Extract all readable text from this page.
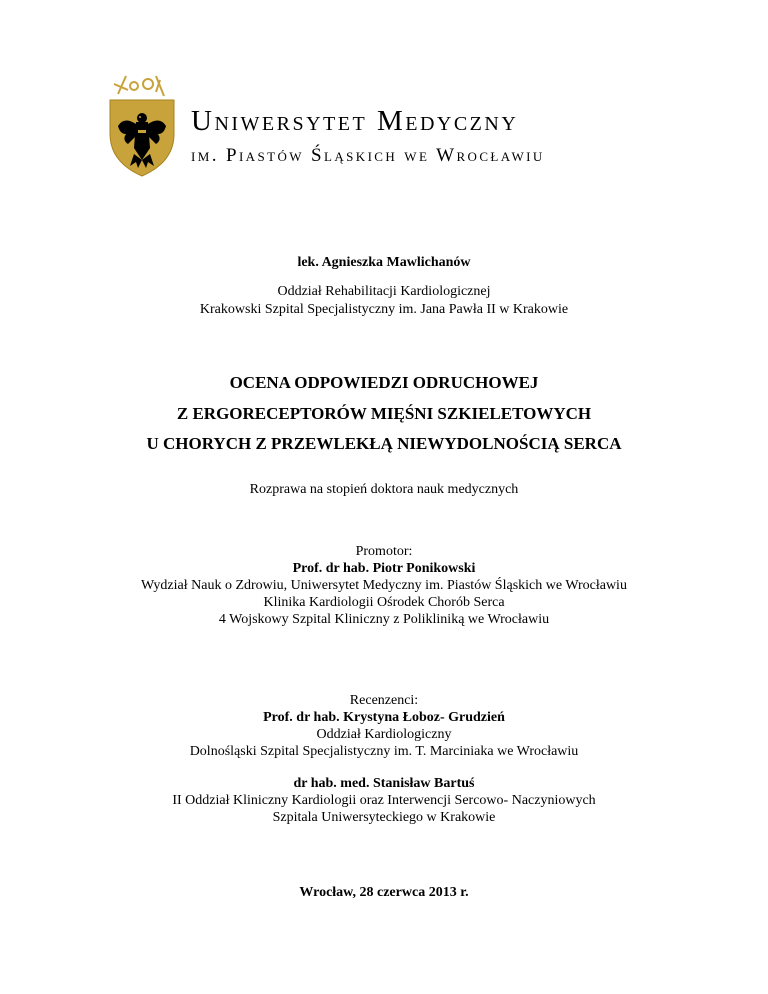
Uniwersytet Medyczny
im. Piastów Śląskich we Wrocławiu
lek. Agnieszka Mawlichanów
Oddział Rehabilitacji Kardiologicznej
Krakowski Szpital Specjalistyczny im. Jana Pawła II w Krakowie
OCENA ODPOWIEDZI ODRUCHOWEJ
Z ERGORECEPTORÓW MIĘŚNI SZKIELETOWYCH
U CHORYCH Z PRZEWLEKŁĄ NIEWYDOLNOŚCIĄ SERCA
Rozprawa na stopień doktora nauk medycznych
Promotor:
Prof. dr hab. Piotr Ponikowski
Wydział Nauk o Zdrowiu, Uniwersytet Medyczny im. Piastów Śląskich we Wrocławiu
Klinika Kardiologii Ośrodek Chorób Serca
4 Wojskowy Szpital Kliniczny z Polikliniką we Wrocławiu
Recenzenci:
Prof. dr hab. Krystyna Łoboz- Grudzień
Oddział Kardiologiczny
Dolnośląski Szpital Specjalistyczny im. T. Marciniaka we Wrocławiu
dr hab. med. Stanisław Bartuś
II Oddział Kliniczny Kardiologii oraz Interwencji Sercowo- Naczyniowych
Szpitala Uniwersyteckiego w Krakowie
Wrocław, 28 czerwca 2013 r.
